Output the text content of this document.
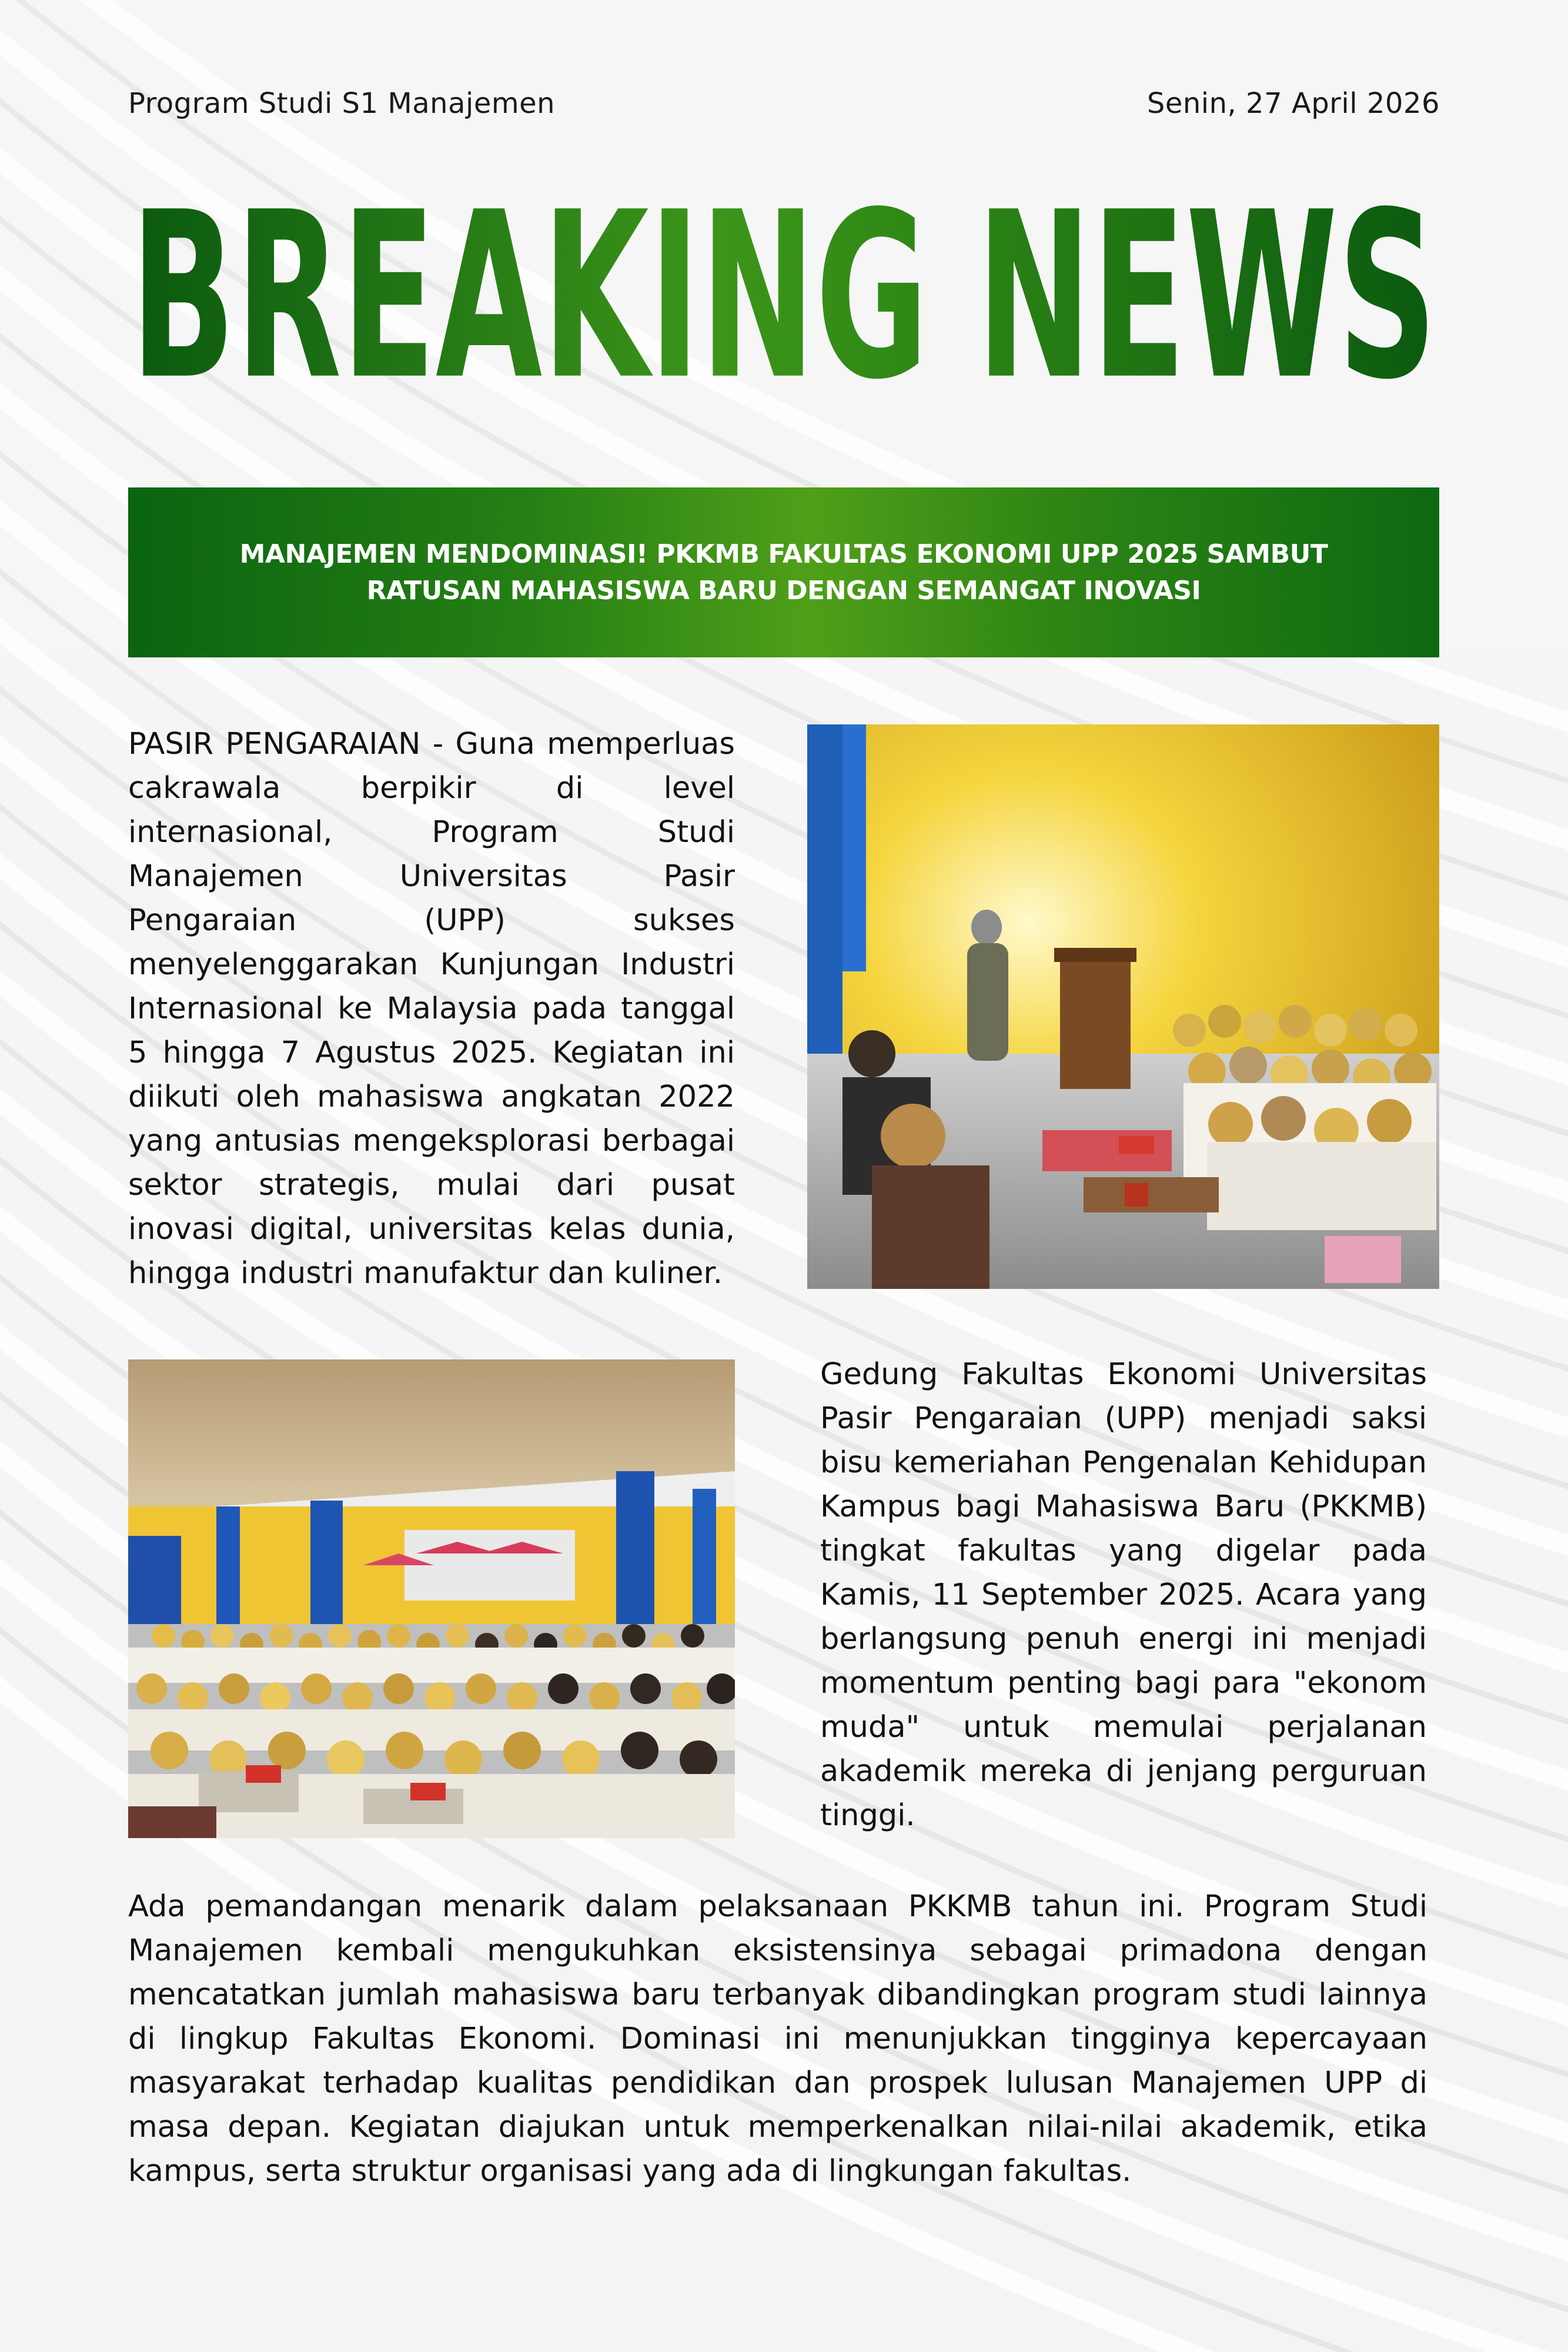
Program Studi S1 Manajemen	Senin, 27 April 2026
BREAKING NEWS
MANAJEMEN MENDOMINASI! PKKMB FAKULTAS EKONOMI UPP 2025 SAMBUT RATUSAN MAHASISWA BARU DENGAN SEMANGAT INOVASI
PASIR PENGARAIAN - Guna memperluas cakrawala berpikir di level internasional, Program Studi Manajemen Universitas Pasir Pengaraian (UPP) sukses menyelenggarakan Kunjungan Industri Internasional ke Malaysia pada tanggal 5 hingga 7 Agustus 2025. Kegiatan ini diikuti oleh mahasiswa angkatan 2022 yang antusias mengeksplorasi berbagai sektor strategis, mulai dari pusat inovasi digital, universitas kelas dunia, hingga industri manufaktur dan kuliner.
Gedung Fakultas Ekonomi Universitas Pasir Pengaraian (UPP) menjadi saksi bisu kemeriahan Pengenalan Kehidupan Kampus bagi Mahasiswa Baru (PKKMB) tingkat fakultas yang digelar pada Kamis, 11 September 2025. Acara yang berlangsung penuh energi ini menjadi momentum penting bagi para "ekonom muda" untuk memulai perjalanan akademik mereka di jenjang perguruan tinggi.
Ada pemandangan menarik dalam pelaksanaan PKKMB tahun ini. Program Studi Manajemen kembali mengukuhkan eksistensinya sebagai primadona dengan mencatatkan jumlah mahasiswa baru terbanyak dibandingkan program studi lainnya di lingkup Fakultas Ekonomi. Dominasi ini menunjukkan tingginya kepercayaan masyarakat terhadap kualitas pendidikan dan prospek lulusan Manajemen UPP di masa depan. Kegiatan diajukan untuk memperkenalkan nilai-nilai akademik, etika kampus, serta struktur organisasi yang ada di lingkungan fakultas.
